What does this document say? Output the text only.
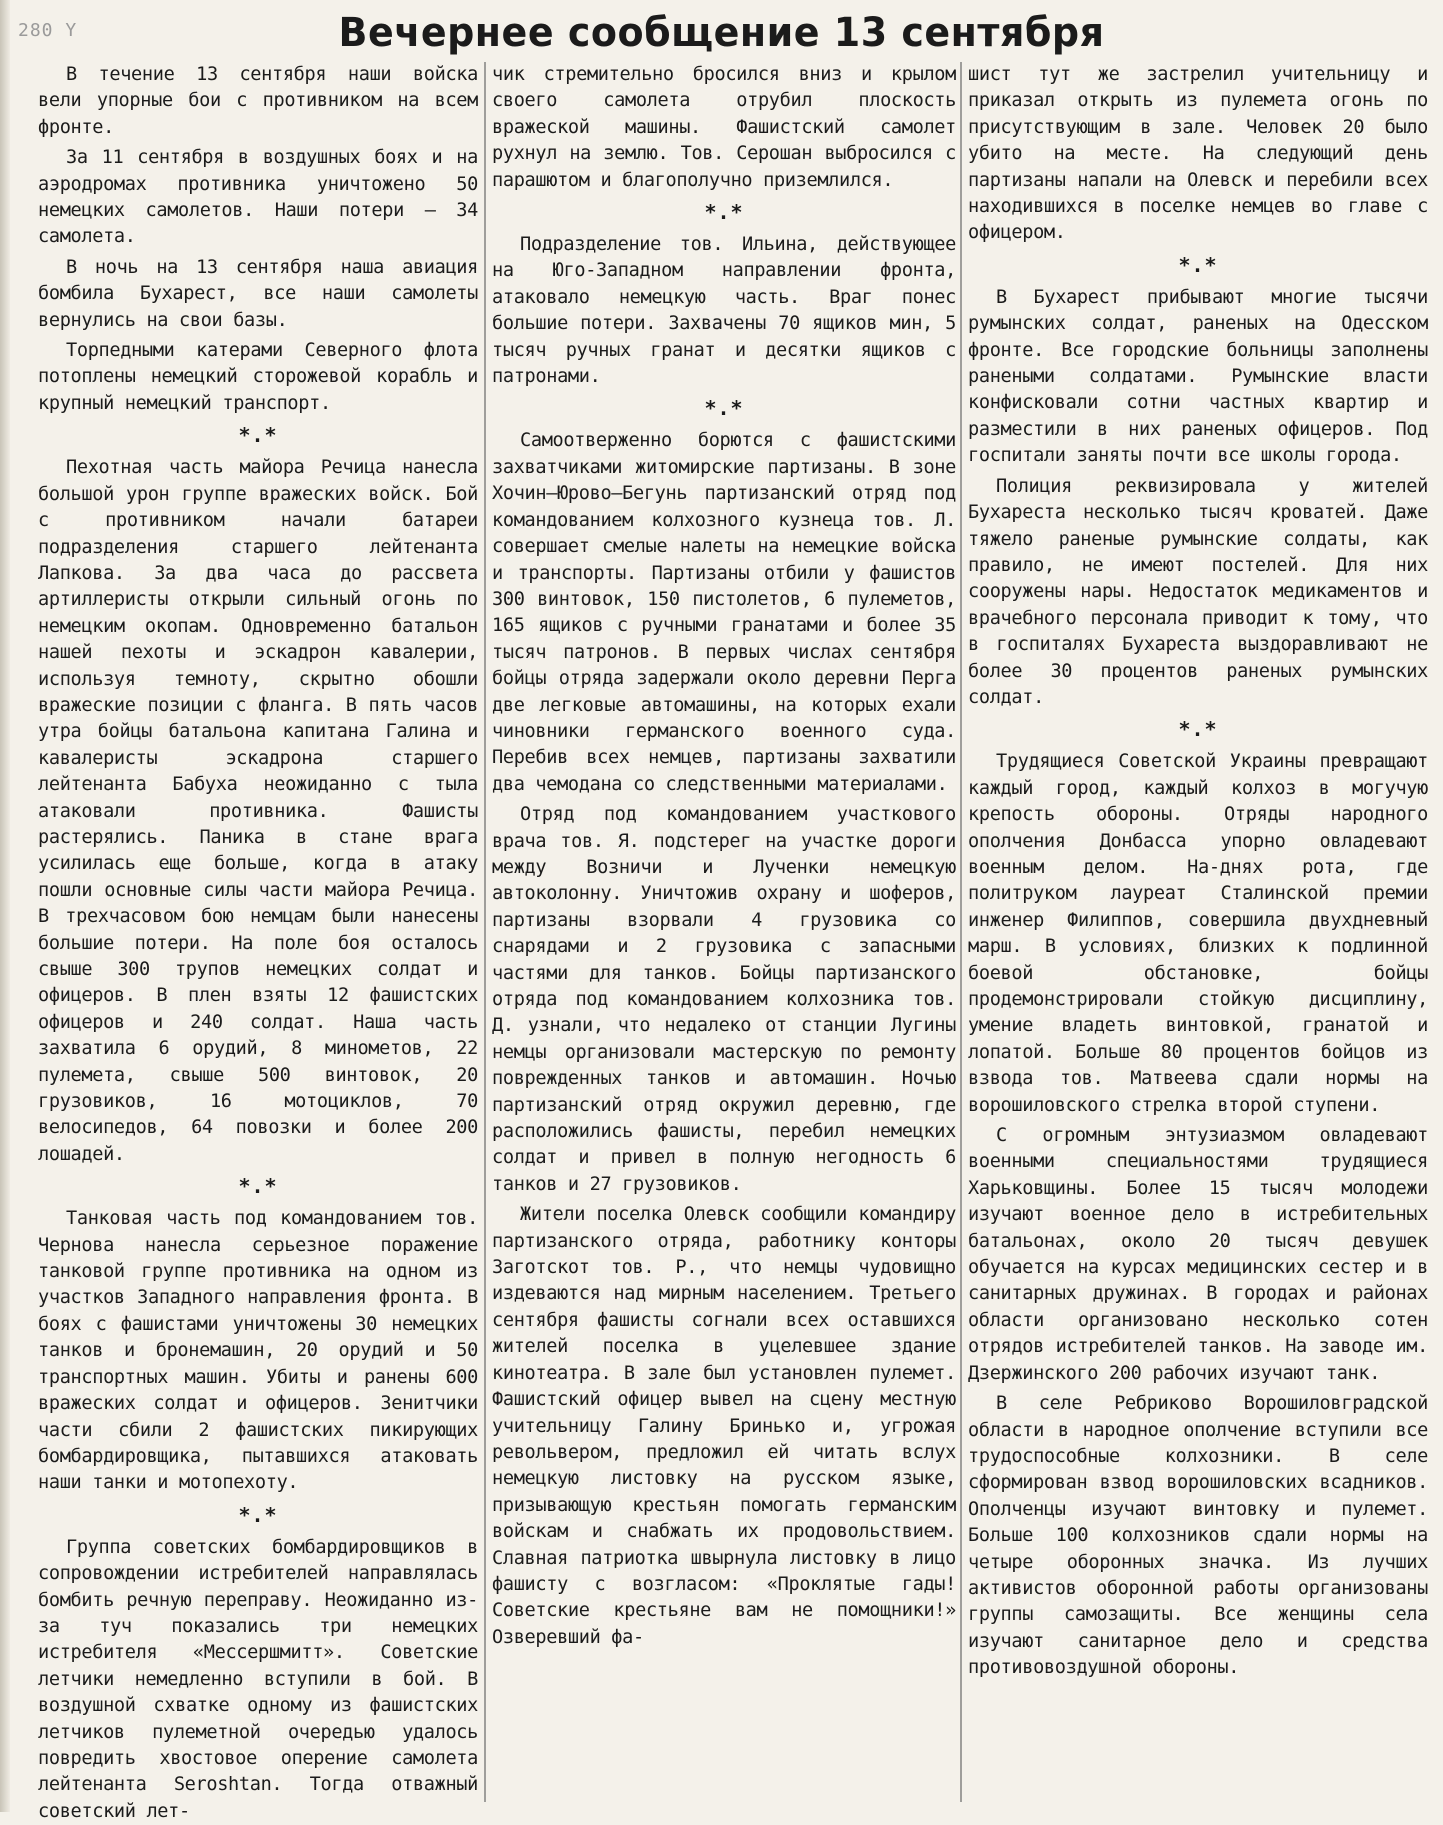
280 Y	Вечернее сообщение 13 сентября

В течение 13 сентября наши войска вели упорные бои с противником на всем фронте.

За 11 сентября в воздушных боях и на аэродромах противника уничтожено 50 немецких самолетов. Наши потери — 34 самолета.

В ночь на 13 сентября наша авиация бомбила Бухарест, все наши самолеты вернулись на свои базы.

Торпедными катерами Северного флота потоплены немецкий сторожевой корабль и крупный немецкий транспорт.

*.*

Пехотная часть майора Речица нанесла большой урон группе вражеских войск. Бой с противником начали батареи подразделения старшего лейтенанта Лапкова. За два часа до рассвета артиллеристы открыли сильный огонь по немецким окопам. Одновременно батальон нашей пехоты и эскадрон кавалерии, используя темноту, скрытно обошли вражеские позиции с фланга. В пять часов утра бойцы батальона капитана Галина и кавалеристы эскадрона старшего лейтенанта Бабуха неожиданно с тыла атаковали противника. Фашисты растерялись. Паника в стане врага усилилась еще больше, когда в атаку пошли основные силы части майора Речица. В трехчасовом бою немцам были нанесены большие потери. На поле боя осталось свыше 300 трупов немецких солдат и офицеров. В плен взяты 12 фашистских офицеров и 240 солдат. Наша часть захватила 6 орудий, 8 минометов, 22 пулемета, свыше 500 винтовок, 20 грузовиков, 16 мотоциклов, 70 велосипедов, 64 повозки и более 200 лошадей.

*.*

Танковая часть под командованием тов. Чернова нанесла серьезное поражение танковой группе противника на одном из участков Западного направления фронта. В боях с фашистами уничтожены 30 немецких танков и бронемашин, 20 орудий и 50 транспортных машин. Убиты и ранены 600 вражеских солдат и офицеров. Зенитчики части сбили 2 фашистских пикирующих бомбардировщика, пытавшихся атаковать наши танки и мотопехоту.

*.*

Группа советских бомбардировщиков в сопровождении истребителей направлялась бомбить речную переправу. Неожиданно из-за туч показались три немецких истребителя «Мессершмитт». Советские летчики немедленно вступили в бой. В воздушной схватке одному из фашистских летчиков пулеметной очередью удалось повредить хвостовое оперение самолета лейтенанта Seroshtan. Тогда отважный советский лет-

чик стремительно бросился вниз и крылом своего самолета отрубил плоскость вражеской машины. Фашистский самолет рухнул на землю. Тов. Серошан выбросился с парашютом и благополучно приземлился.

*.*

Подразделение тов. Ильина, действующее на Юго-Западном направлении фронта, атаковало немецкую часть. Враг понес большие потери. Захвачены 70 ящиков мин, 5 тысяч ручных гранат и десятки ящиков с патронами.

*.*

Самоотверженно борются с фашистскими захватчиками житомирские партизаны. В зоне Хочин—Юрово—Бегунь партизанский отряд под командованием колхозного кузнеца тов. Л. совершает смелые налеты на немецкие войска и транспорты. Партизаны отбили у фашистов 300 винтовок, 150 пистолетов, 6 пулеметов, 165 ящиков с ручными гранатами и более 35 тысяч патронов. В первых числах сентября бойцы отряда задержали около деревни Перга две легковые автомашины, на которых ехали чиновники германского военного суда. Перебив всех немцев, партизаны захватили два чемодана со следственными материалами.

Отряд под командованием участкового врача тов. Я. подстерег на участке дороги между Возничи и Лученки немецкую автоколонну. Уничтожив охрану и шоферов, партизаны взорвали 4 грузовика со снарядами и 2 грузовика с запасными частями для танков. Бойцы партизанского отряда под командованием колхозника тов. Д. узнали, что недалеко от станции Лугины немцы организовали мастерскую по ремонту поврежденных танков и автомашин. Ночью партизанский отряд окружил деревню, где расположились фашисты, перебил немецких солдат и привел в полную негодность 6 танков и 27 грузовиков.

Жители поселка Олевск сообщили командиру партизанского отряда, работнику конторы Заготскот тов. Р., что немцы чудовищно издеваются над мирным населением. Третьего сентября фашисты согнали всех оставшихся жителей поселка в уцелевшее здание кинотеатра. В зале был установлен пулемет. Фашистский офицер вывел на сцену местную учительницу Галину Бринько и, угрожая револьвером, предложил ей читать вслух немецкую листовку на русском языке, призывающую крестьян помогать германским войскам и снабжать их продовольствием. Славная патриотка швырнула листовку в лицо фашисту с возгласом: «Проклятые гады! Советские крестьяне вам не помощники!» Озверевший фа-

шист тут же застрелил учительницу и приказал открыть из пулемета огонь по присутствующим в зале. Человек 20 было убито на месте. На следующий день партизаны напали на Олевск и перебили всех находившихся в поселке немцев во главе с офицером.

*.*

В Бухарест прибывают многие тысячи румынских солдат, раненых на Одесском фронте. Все городские больницы заполнены ранеными солдатами. Румынские власти конфисковали сотни частных квартир и разместили в них раненых офицеров. Под госпитали заняты почти все школы города.

Полиция реквизировала у жителей Бухареста несколько тысяч кроватей. Даже тяжело раненые румынские солдаты, как правило, не имеют постелей. Для них сооружены нары. Недостаток медикаментов и врачебного персонала приводит к тому, что в госпиталях Бухареста выздоравливают не более 30 процентов раненых румынских солдат.

*.*

Трудящиеся Советской Украины превращают каждый город, каждый колхоз в могучую крепость обороны. Отряды народного ополчения Донбасса упорно овладевают военным делом. На-днях рота, где политруком лауреат Сталинской премии инженер Филиппов, совершила двухдневный марш. В условиях, близких к подлинной боевой обстановке, бойцы продемонстрировали стойкую дисциплину, умение владеть винтовкой, гранатой и лопатой. Больше 80 процентов бойцов из взвода тов. Матвеева сдали нормы на ворошиловского стрелка второй ступени.

С огромным энтузиазмом овладевают военными специальностями трудящиеся Харьковщины. Более 15 тысяч молодежи изучают военное дело в истребительных батальонах, около 20 тысяч девушек обучается на курсах медицинских сестер и в санитарных дружинах. В городах и районах области организовано несколько сотен отрядов истребителей танков. На заводе им. Дзержинского 200 рабочих изучают танк.

В селе Ребриково Ворошиловградской области в народное ополчение вступили все трудоспособные колхозники. В селе сформирован взвод ворошиловских всадников. Ополченцы изучают винтовку и пулемет. Больше 100 колхозников сдали нормы на четыре оборонных значка. Из лучших активистов оборонной работы организованы группы самозащиты. Все женщины села изучают санитарное дело и средства противовоздушной обороны.
